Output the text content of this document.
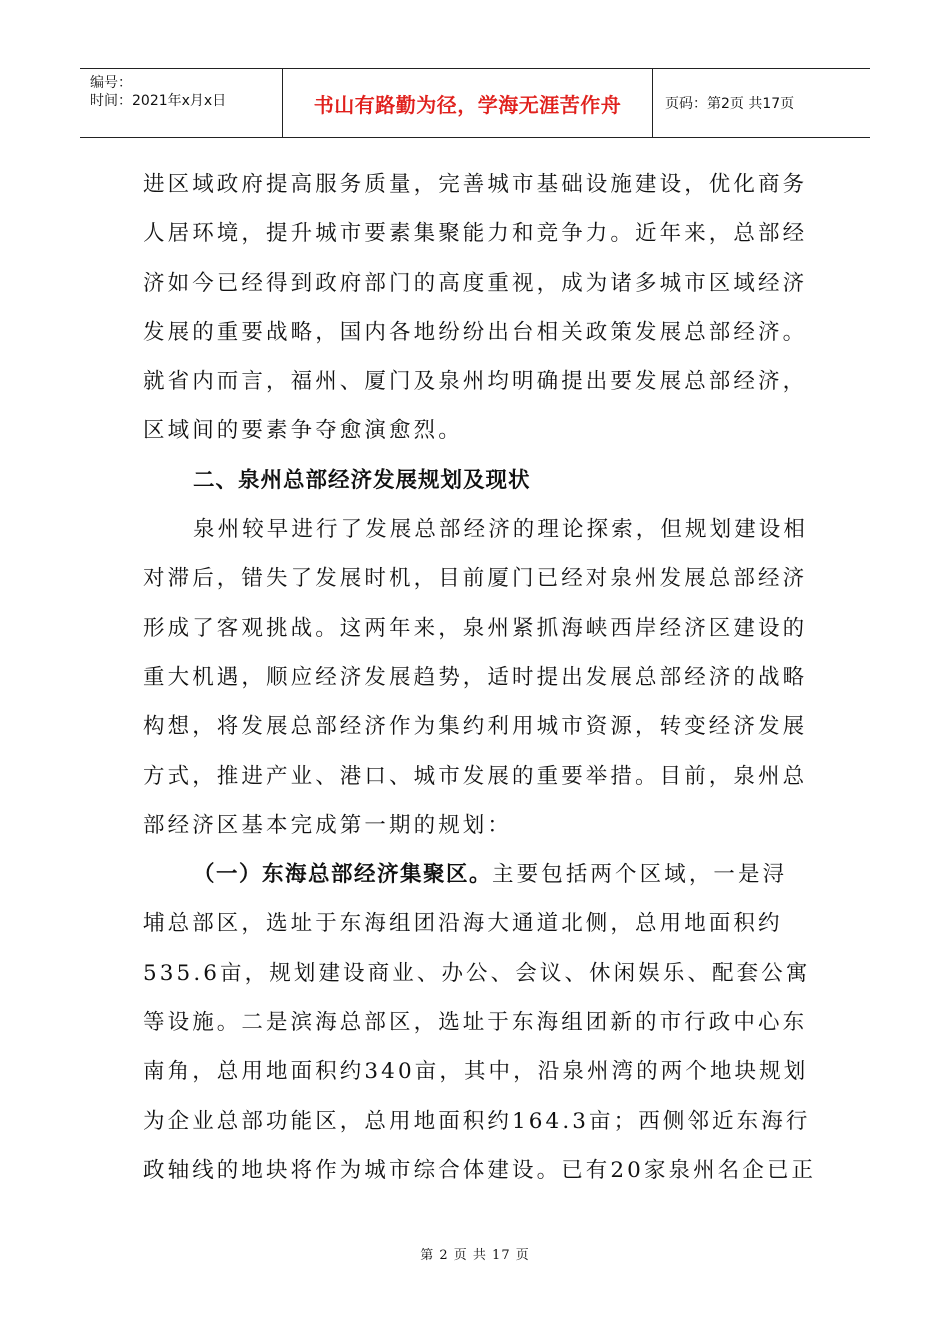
编号：
时间：2021年x月x日	书山有路勤为径，学海无涯苦作舟	页码：第2页 共17页
进区域政府提高服务质量，完善城市基础设施建设，优化商务
人居环境，提升城市要素集聚能力和竞争力。近年来，总部经
济如今已经得到政府部门的高度重视，成为诸多城市区域经济
发展的重要战略，国内各地纷纷出台相关政策发展总部经济。
就省内而言，福州、厦门及泉州均明确提出要发展总部经济，
区域间的要素争夺愈演愈烈。
二、泉州总部经济发展规划及现状
泉州较早进行了发展总部经济的理论探索，但规划建设相
对滞后，错失了发展时机，目前厦门已经对泉州发展总部经济
形成了客观挑战。这两年来，泉州紧抓海峡西岸经济区建设的
重大机遇，顺应经济发展趋势，适时提出发展总部经济的战略
构想，将发展总部经济作为集约利用城市资源，转变经济发展
方式，推进产业、港口、城市发展的重要举措。目前，泉州总
部经济区基本完成第一期的规划：
（一）东海总部经济集聚区。主要包括两个区域，一是浔
埔总部区，选址于东海组团沿海大通道北侧，总用地面积约
535.6亩，规划建设商业、办公、会议、休闲娱乐、配套公寓
等设施。二是滨海总部区，选址于东海组团新的市行政中心东
南角，总用地面积约340亩，其中，沿泉州湾的两个地块规划
为企业总部功能区，总用地面积约164.3亩；西侧邻近东海行
政轴线的地块将作为城市综合体建设。已有20家泉州名企已正
第 2 页 共 17 页
